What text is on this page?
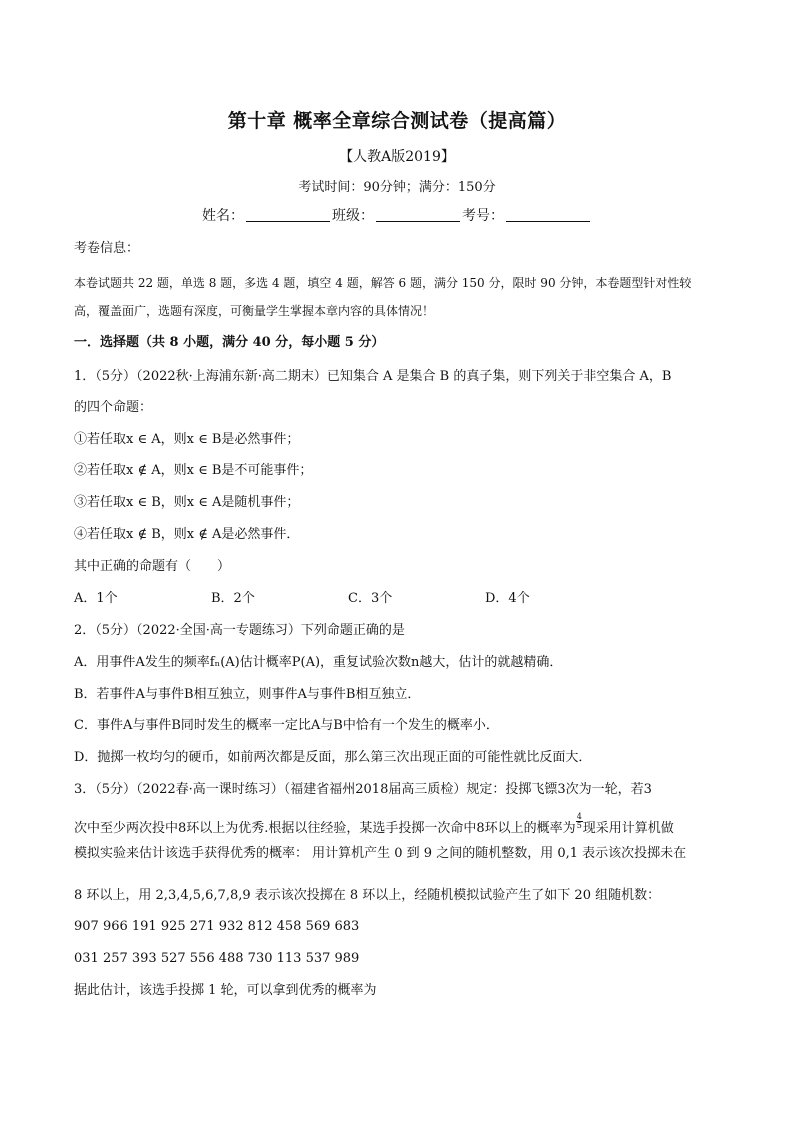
第十章 概率全章综合测试卷（提高篇）
【人教A版2019】
考试时间：90分钟；满分：150分
姓名：	班级：	考号：
考卷信息：
本卷试题共 22 题，单选 8 题，多选 4 题，填空 4 题，解答 6 题，满分 150 分，限时 90 分钟，本卷题型针对性较
高，覆盖面广，选题有深度，可衡量学生掌握本章内容的具体情况！
一．选择题（共 8 小题，满分 40 分，每小题 5 分）
1．（5分）（2022秋·上海浦东新·高二期末）已知集合 A 是集合 B 的真子集，则下列关于非空集合 A，B
的四个命题：
①若任取x ∈ A，则x ∈ B是必然事件；
②若任取x ∉ A，则x ∈ B是不可能事件；
③若任取x ∈ B，则x ∈ A是随机事件；
④若任取x ∉ B，则x ∉ A是必然事件．
其中正确的命题有（　　）
A．1个	B．2个	C．3个	D．4个
2．（5分）（2022·全国·高一专题练习）下列命题正确的是
A．用事件A发生的频率fₙ(A)估计概率P(A)，重复试验次数n越大，估计的就越精确．
B．若事件A与事件B相互独立，则事件A与事件B相互独立．
C．事件A与事件B同时发生的概率一定比A与B中恰有一个发生的概率小．
D．抛掷一枚均匀的硬币，如前两次都是反面，那么第三次出现正面的可能性就比反面大．
3．（5分）（2022春·高一课时练习）（福建省福州2018届高三质检）规定：投掷飞镖3次为一轮，若3
次中至少两次投中8环以上为优秀.根据以往经验，某选手投掷一次命中8环以上的概率为 $\frac{4}{5}$ 现采用计算机做
模拟实验来估计该选手获得优秀的概率： 用计算机产生 0 到 9 之间的随机整数，用 0,1 表示该次投掷未在
8 环以上，用 2,3,4,5,6,7,8,9 表示该次投掷在 8 环以上，经随机模拟试验产生了如下 20 组随机数：
907 966 191 925 271 932 812 458 569 683
031 257 393 527 556 488 730 113 537 989
据此估计，该选手投掷 1 轮，可以拿到优秀的概率为
